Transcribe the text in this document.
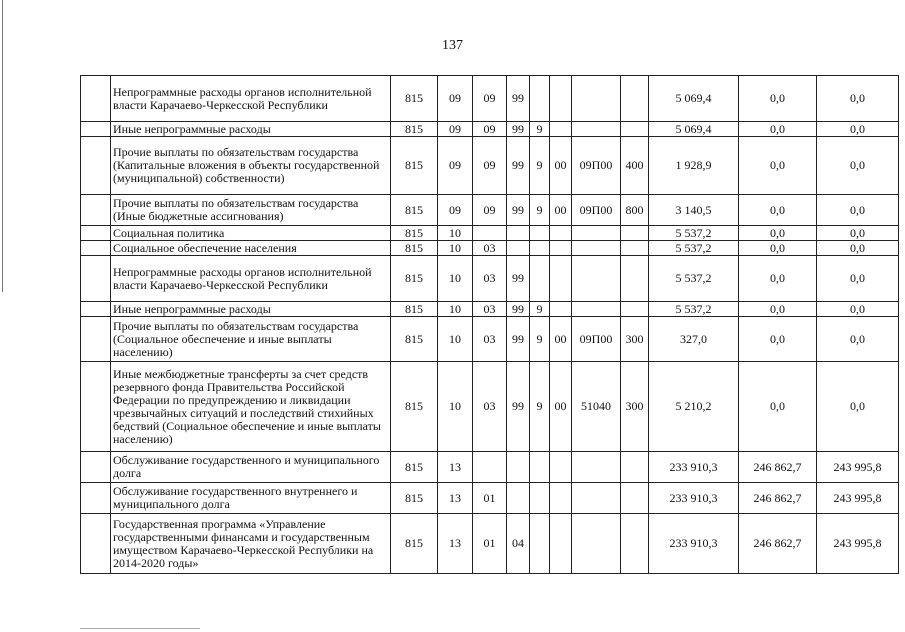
137
	Непрограммные расходы органов исполнительной власти Карачаево-Черкесской Республики	815	09	09	99					5 069,4	0,0	0,0
	Иные непрограммные расходы	815	09	09	99	9				5 069,4	0,0	0,0
	Прочие выплаты по обязательствам государства (Капитальные вложения в объекты государственной (муниципальной) собственности)	815	09	09	99	9	00	09П00	400	1 928,9	0,0	0,0
	Прочие выплаты по обязательствам государства (Иные бюджетные ассигнования)	815	09	09	99	9	00	09П00	800	3 140,5	0,0	0,0
	Социальная политика	815	10							5 537,2	0,0	0,0
	Социальное обеспечение населения	815	10	03						5 537,2	0,0	0,0
	Непрограммные расходы органов исполнительной власти Карачаево-Черкесской Республики	815	10	03	99					5 537,2	0,0	0,0
	Иные непрограммные расходы	815	10	03	99	9				5 537,2	0,0	0,0
	Прочие выплаты по обязательствам государства (Социальное обеспечение и иные выплаты населению)	815	10	03	99	9	00	09П00	300	327,0	0,0	0,0
	Иные межбюджетные трансферты за счет средств резервного фонда Правительства Российской Федерации по предупреждению и ликвидации чрезвычайных ситуаций и последствий стихийных бедствий (Социальное обеспечение и иные выплаты населению)	815	10	03	99	9	00	51040	300	5 210,2	0,0	0,0
	Обслуживание государственного и муниципального долга	815	13							233 910,3	246 862,7	243 995,8
	Обслуживание государственного внутреннего и муниципального долга	815	13	01						233 910,3	246 862,7	243 995,8
	Государственная программа «Управление государственными финансами и государственным имуществом Карачаево-Черкесской Республики на 2014-2020 годы»	815	13	01	04					233 910,3	246 862,7	243 995,8
